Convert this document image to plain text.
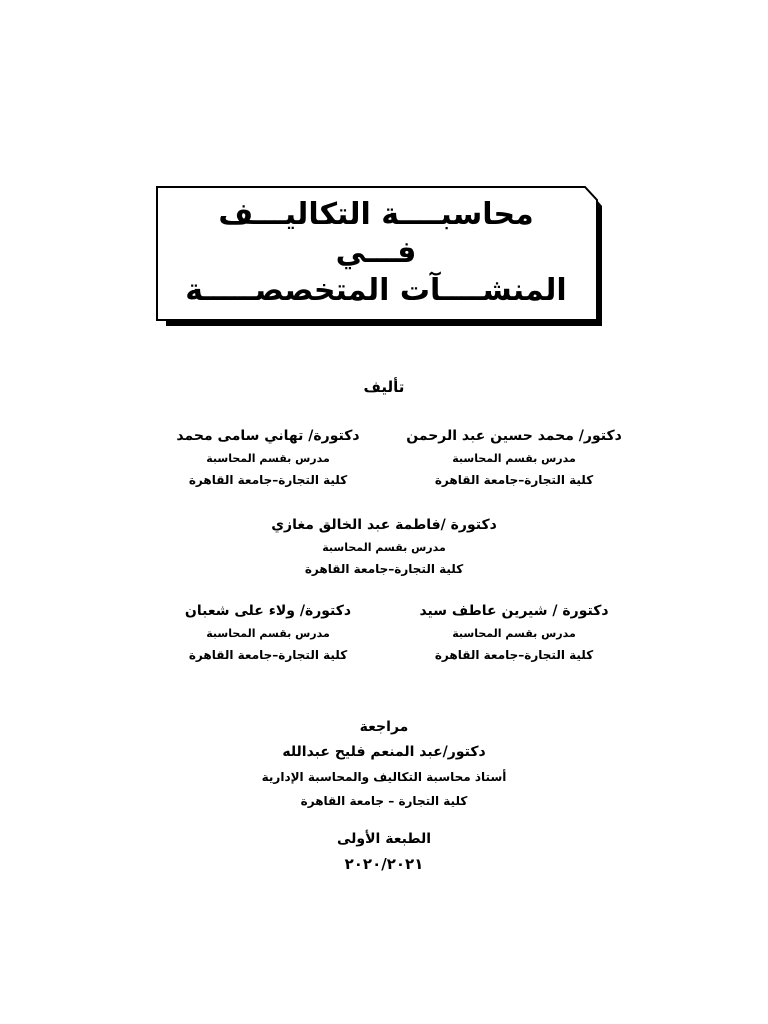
محاسبــــة التكاليـــف
فـــي
المنشــــآت المتخصصـــــة
تأليف
دكتور/ محمد حسين عبد الرحمن
مدرس بقسم المحاسبة
كلية التجارة–جامعة القاهرة
دكتورة/ تهاني سامى محمد
مدرس بقسم المحاسبة
كلية التجارة–جامعة القاهرة
دكتورة /فاطمة عبد الخالق مغازي
مدرس بقسم المحاسبة
كلية التجارة–جامعة القاهرة
دكتورة / شيرين عاطف سيد
مدرس بقسم المحاسبة
كلية التجارة–جامعة القاهرة
دكتورة/ ولاء على شعبان
مدرس بقسم المحاسبة
كلية التجارة–جامعة القاهرة
مراجعة
دكتور/عبد المنعم فليح عبدالله
أستاذ محاسبة التكاليف والمحاسبة الإدارية
كلية التجارة – جامعة القاهرة
الطبعة الأولى
٢٠٢٠/٢٠٢١
